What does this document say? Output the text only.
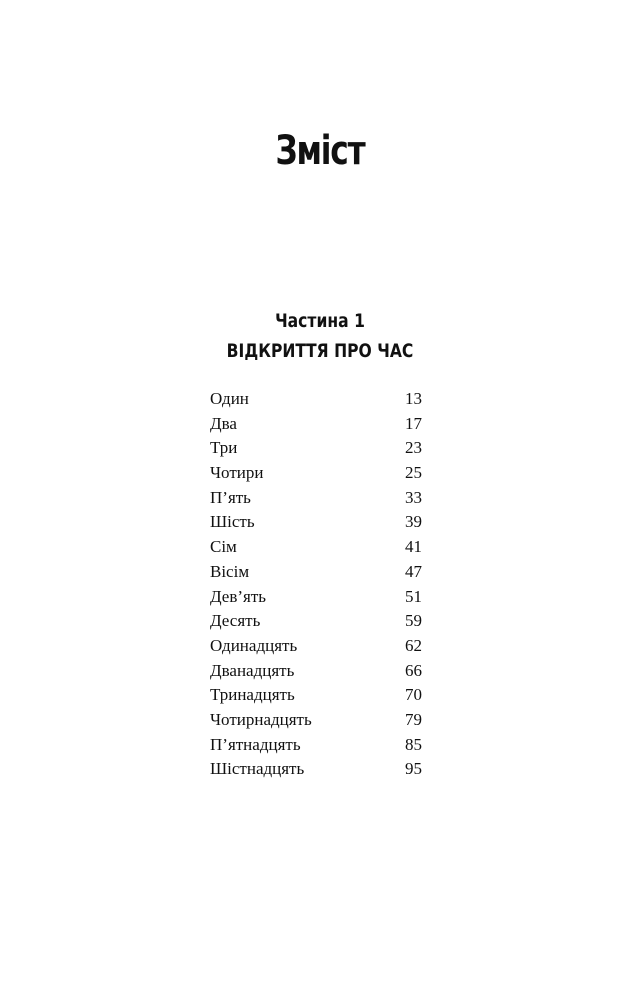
Зміст
Частина 1
ВІДКРИТТЯ ПРО ЧАС
Один	13
Два	17
Три	23
Чотири	25
П’ять	33
Шість	39
Сім	41
Вісім	47
Дев’ять	51
Десять	59
Одинадцять	62
Дванадцять	66
Тринадцять	70
Чотирнадцять	79
П’ятнадцять	85
Шістнадцять	95
